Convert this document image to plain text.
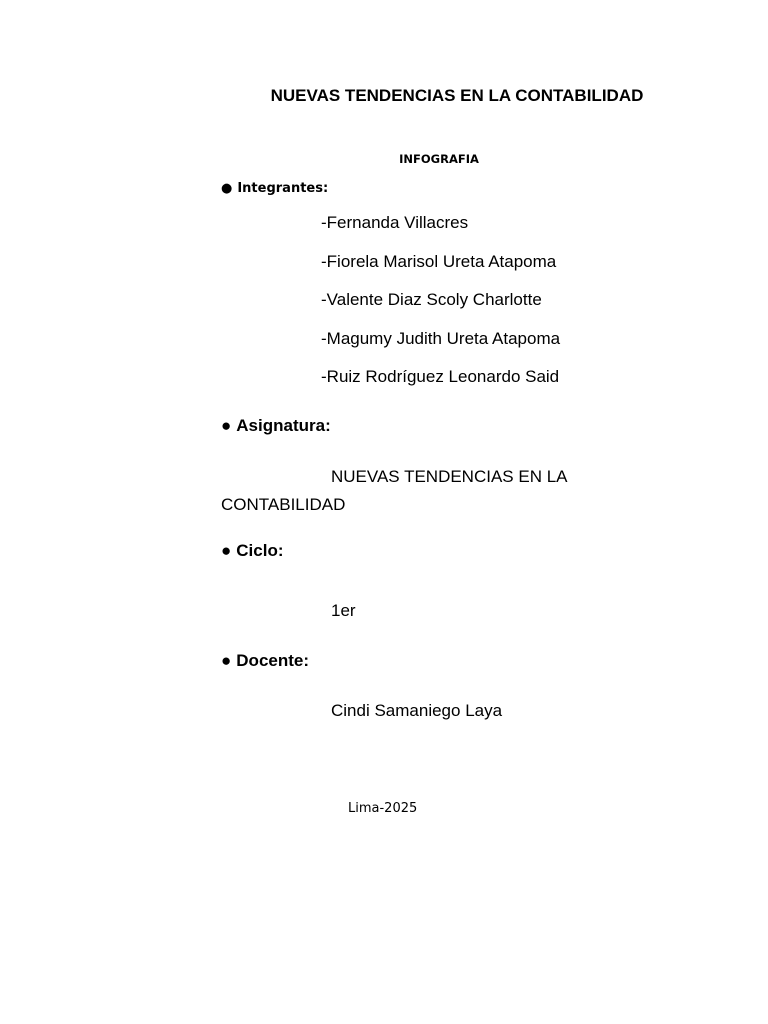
NUEVAS TENDENCIAS EN LA CONTABILIDAD
INFOGRAFIA
● Integrantes:
-Fernanda Villacres
-Fiorela Marisol Ureta Atapoma
-Valente Diaz Scoly Charlotte
-Magumy Judith Ureta Atapoma
-Ruiz Rodríguez Leonardo Said
● Asignatura:
NUEVAS TENDENCIAS EN LA
CONTABILIDAD
● Ciclo:
1er
● Docente:
Cindi Samaniego Laya
Lima-2025
